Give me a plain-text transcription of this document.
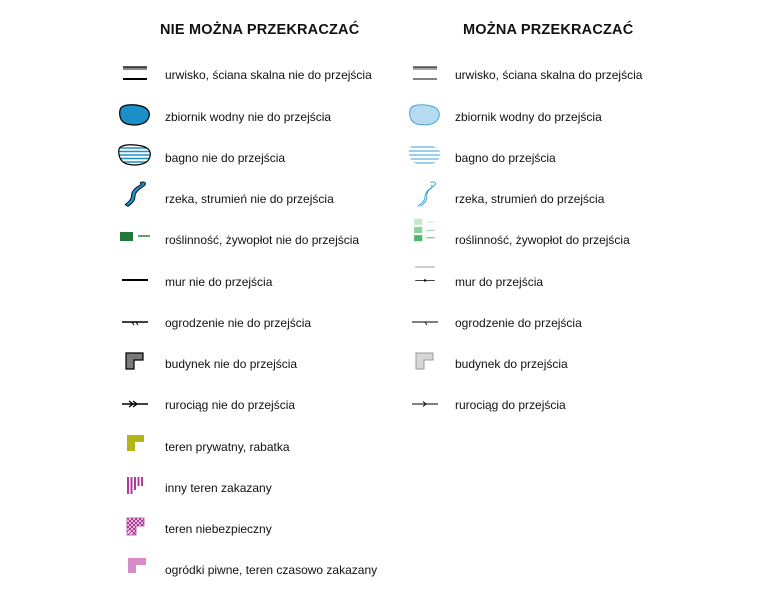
NIE MOŻNA PRZEKRACZAĆ	MOŻNA PRZEKRACZAĆ
urwisko, ściana skalna nie do przejścia
zbiornik wodny nie do przejścia
bagno nie do przejścia
rzeka, strumień nie do przejścia
roślinność, żywopłot nie do przejścia
mur nie do przejścia
ogrodzenie nie do przejścia
budynek nie do przejścia
rurociąg nie do przejścia
teren prywatny, rabatka
inny teren zakazany
teren niebezpieczny
ogródki piwne, teren czasowo zakazany
urwisko, ściana skalna do przejścia
zbiornik wodny do przejścia
bagno do przejścia
rzeka, strumień do przejścia
roślinność, żywopłot do przejścia
mur do przejścia
ogrodzenie do przejścia
budynek do przejścia
rurociąg do przejścia
